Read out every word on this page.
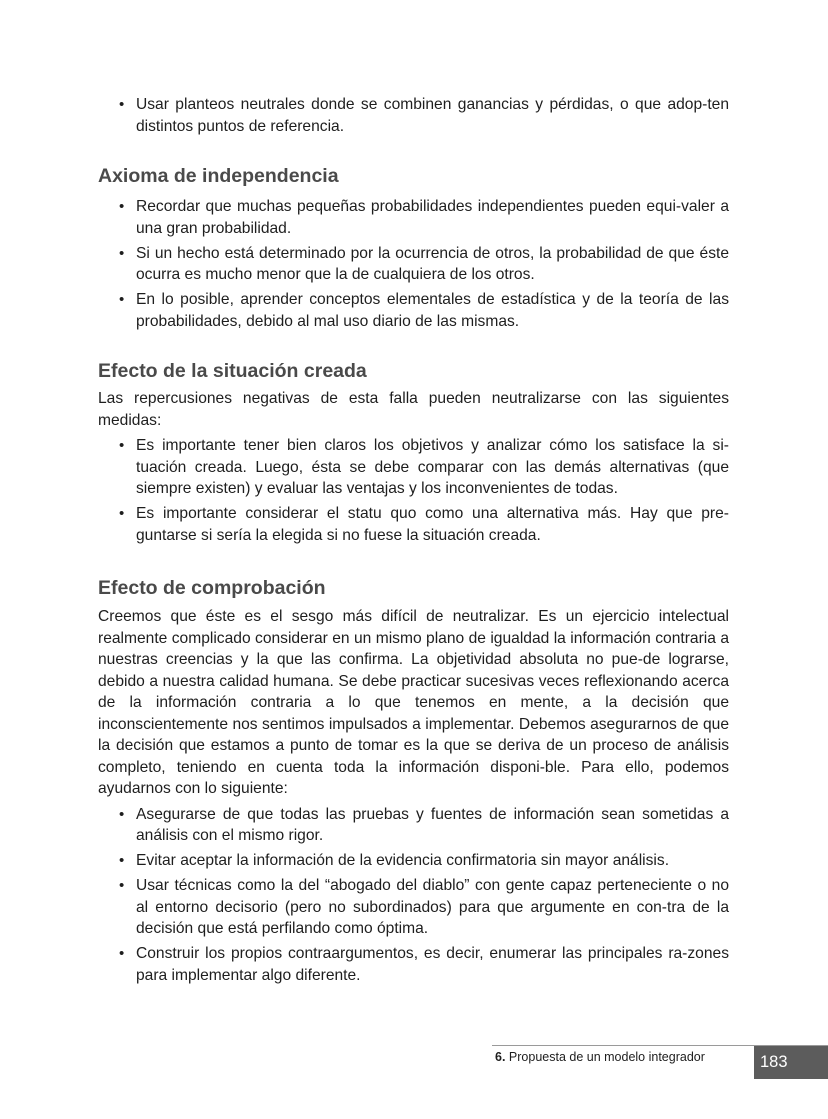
• Usar planteos neutrales donde se combinen ganancias y pérdidas, o que adop-ten distintos puntos de referencia.
Axioma de independencia
• Recordar que muchas pequeñas probabilidades independientes pueden equi-valer a una gran probabilidad.
• Si un hecho está determinado por la ocurrencia de otros, la probabilidad de que éste ocurra es mucho menor que la de cualquiera de los otros.
• En lo posible, aprender conceptos elementales de estadística y de la teoría de las probabilidades, debido al mal uso diario de las mismas.
Efecto de la situación creada

Las repercusiones negativas de esta falla pueden neutralizarse con las siguientes medidas:

• Es importante tener bien claros los objetivos y analizar cómo los satisface la si-tuación creada. Luego, ésta se debe comparar con las demás alternativas (que siempre existen) y evaluar las ventajas y los inconvenientes de todas.
• Es importante considerar el statu quo como una alternativa más. Hay que pre-guntarse si sería la elegida si no fuese la situación creada.
Efecto de comprobación

Creemos que éste es el sesgo más difícil de neutralizar. Es un ejercicio intelectual realmente complicado considerar en un mismo plano de igualdad la información contraria a nuestras creencias y la que las confirma. La objetividad absoluta no pue-de lograrse, debido a nuestra calidad humana. Se debe practicar sucesivas veces reflexionando acerca de la información contraria a lo que tenemos en mente, a la decisión que inconscientemente nos sentimos impulsados a implementar. Debemos asegurarnos de que la decisión que estamos a punto de tomar es la que se deriva de un proceso de análisis completo, teniendo en cuenta toda la información disponi-ble. Para ello, podemos ayudarnos con lo siguiente:

• Asegurarse de que todas las pruebas y fuentes de información sean sometidas a análisis con el mismo rigor.
• Evitar aceptar la información de la evidencia confirmatoria sin mayor análisis.
• Usar técnicas como la del “abogado del diablo” con gente capaz perteneciente o no al entorno decisorio (pero no subordinados) para que argumente en con-tra de la decisión que está perfilando como óptima.
• Construir los propios contraargumentos, es decir, enumerar las principales ra-zones para implementar algo diferente.
6. Propuesta de un modelo integrador	183
